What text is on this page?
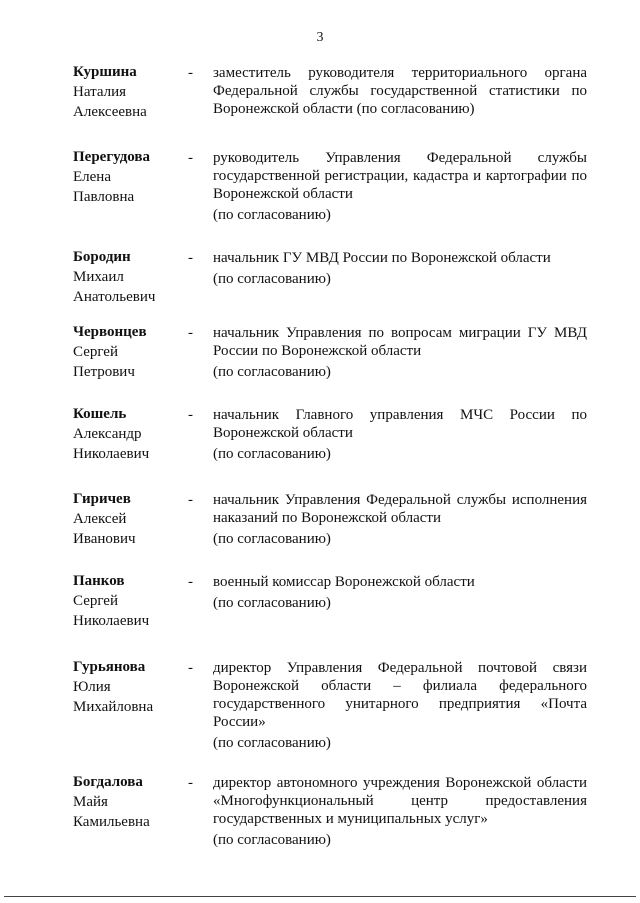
3
Куршина
Наталия
Алексеевна
- заместитель руководителя территориального органа
Федеральной службы государственной статистики по
Воронежской области (по согласованию)
Перегудова
Елена
Павловна
- руководитель Управления Федеральной службы
государственной регистрации, кадастра и картографии по
Воронежской области
(по согласованию)
Бородин
Михаил
Анатольевич
- начальник ГУ МВД России по Воронежской области
(по согласованию)
Червонцев
Сергей
Петрович
- начальник Управления по вопросам миграции ГУ МВД
России по Воронежской области
(по согласованию)
Кошель
Александр
Николаевич
- начальник Главного управления МЧС России по
Воронежской области
(по согласованию)
Гиричев
Алексей
Иванович
- начальник Управления Федеральной службы исполнения
наказаний по Воронежской области
(по согласованию)
Панков
Сергей
Николаевич
- военный комиссар Воронежской области
(по согласованию)
Гурьянова
Юлия
Михайловна
- директор Управления Федеральной почтовой связи
Воронежской области – филиала федерального
государственного унитарного предприятия «Почта
России»
(по согласованию)
Богдалова
Майя
Камильевна
- директор автономного учреждения Воронежской области
«Многофункциональный центр предоставления
государственных и муниципальных услуг»
(по согласованию)
